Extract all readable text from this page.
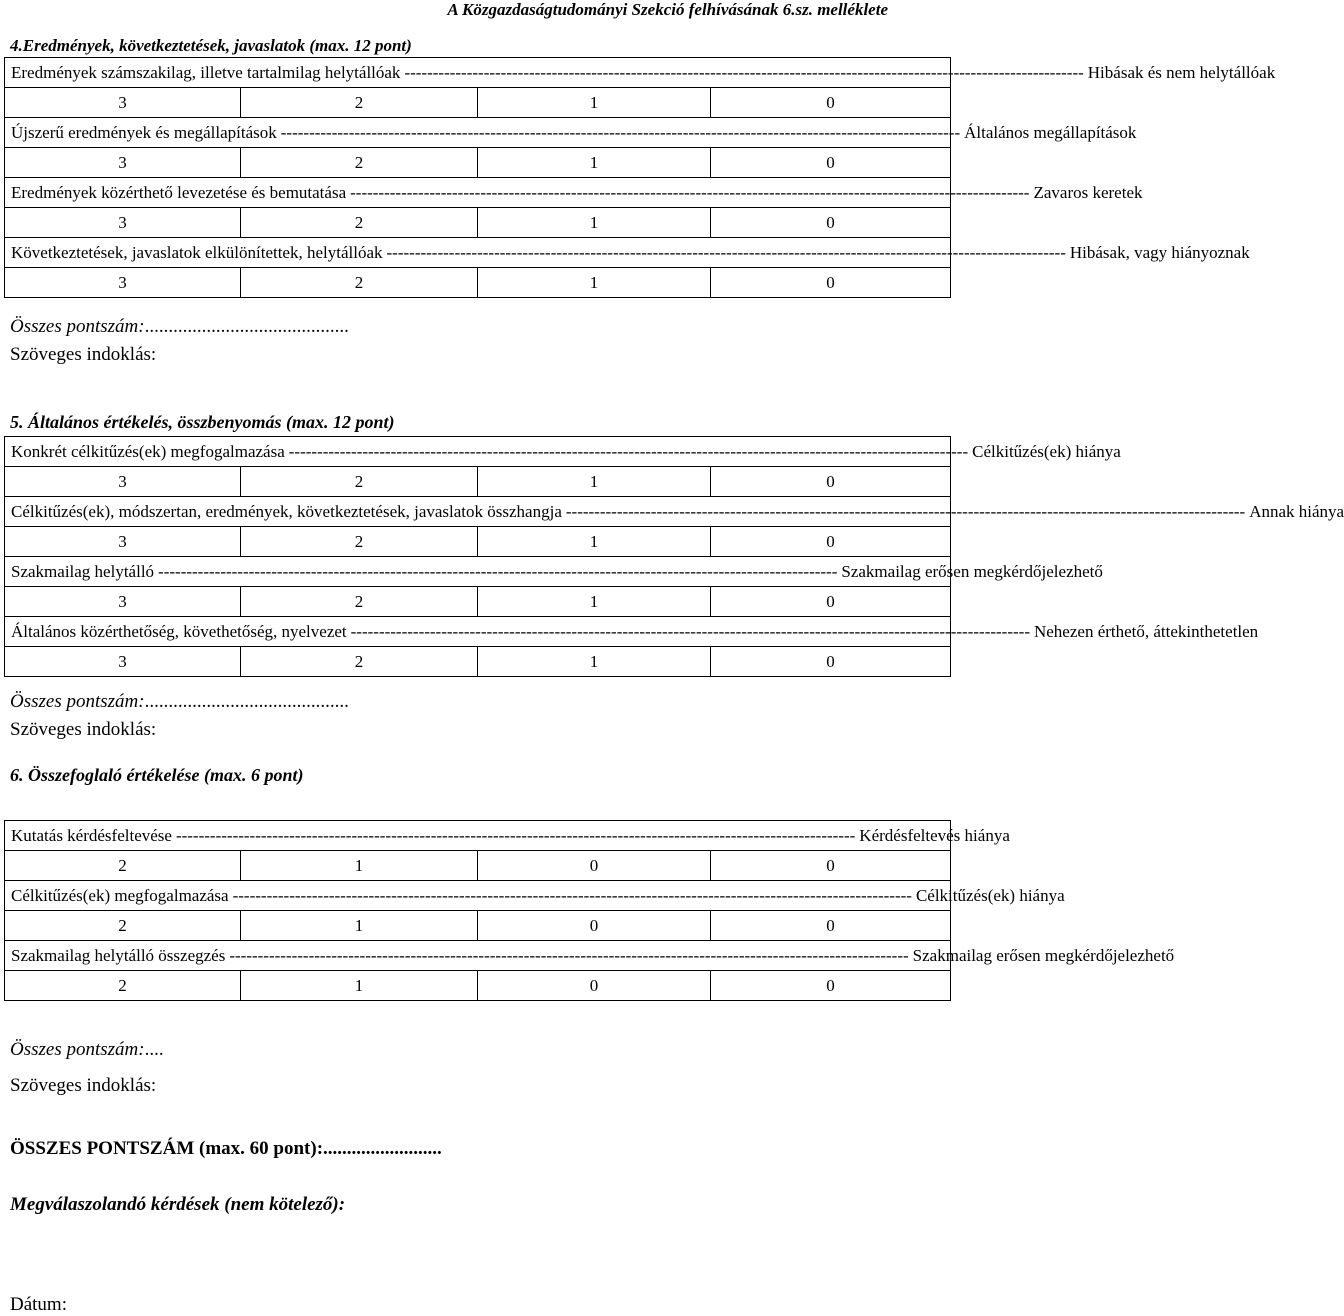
A Közgazdaságtudományi Szekció felhívásának 6.sz. melléklete
4.Eredmények, következtetések, javaslatok (max. 12 pont)
Eredmények számszakilag, illetve tartalmilag helytállóak ------------------------------------------------------------------------------------------------------------------------ Hibásak és nem helytállóak			

3	2	1	0

Újszerű eredmények és megállapítások ------------------------------------------------------------------------------------------------------------------------ Általános megállapítások			

3	2	1	0

Eredmények közérthető levezetése és bemutatása ------------------------------------------------------------------------------------------------------------------------ Zavaros keretek			

3	2	1	0

Következtetések, javaslatok elkülönítettek, helytállóak ------------------------------------------------------------------------------------------------------------------------ Hibásak, vagy hiányoznak			

3	2	1	0
Összes pontszám:...........................................
Szöveges indoklás:
5. Általános értékelés, összbenyomás (max. 12 pont)
Konkrét célkitűzés(ek) megfogalmazása ------------------------------------------------------------------------------------------------------------------------ Célkitűzés(ek) hiánya			

3	2	1	0

Célkitűzés(ek), módszertan, eredmények, következtetések, javaslatok összhangja ------------------------------------------------------------------------------------------------------------------------ Annak hiánya			

3	2	1	0

Szakmailag helytálló ------------------------------------------------------------------------------------------------------------------------ Szakmailag erősen megkérdőjelezhető			

3	2	1	0

Általános közérthetőség, követhetőség, nyelvezet ------------------------------------------------------------------------------------------------------------------------ Nehezen érthető, áttekinthetetlen			

3	2	1	0
Összes pontszám:...........................................
Szöveges indoklás:
6. Összefoglaló értékelése (max. 6 pont)
Kutatás kérdésfeltevése ------------------------------------------------------------------------------------------------------------------------ Kérdésfeltevés hiánya			

2	1	0	0

Célkitűzés(ek) megfogalmazása ------------------------------------------------------------------------------------------------------------------------ Célkitűzés(ek) hiánya			

2	1	0	0

Szakmailag helytálló összegzés ------------------------------------------------------------------------------------------------------------------------ Szakmailag erősen megkérdőjelezhető			

2	1	0	0
Összes pontszám:....
Szöveges indoklás:
ÖSSZES PONTSZÁM (max. 60 pont):.........................
Megválaszolandó kérdések (nem kötelező):
Dátum:
